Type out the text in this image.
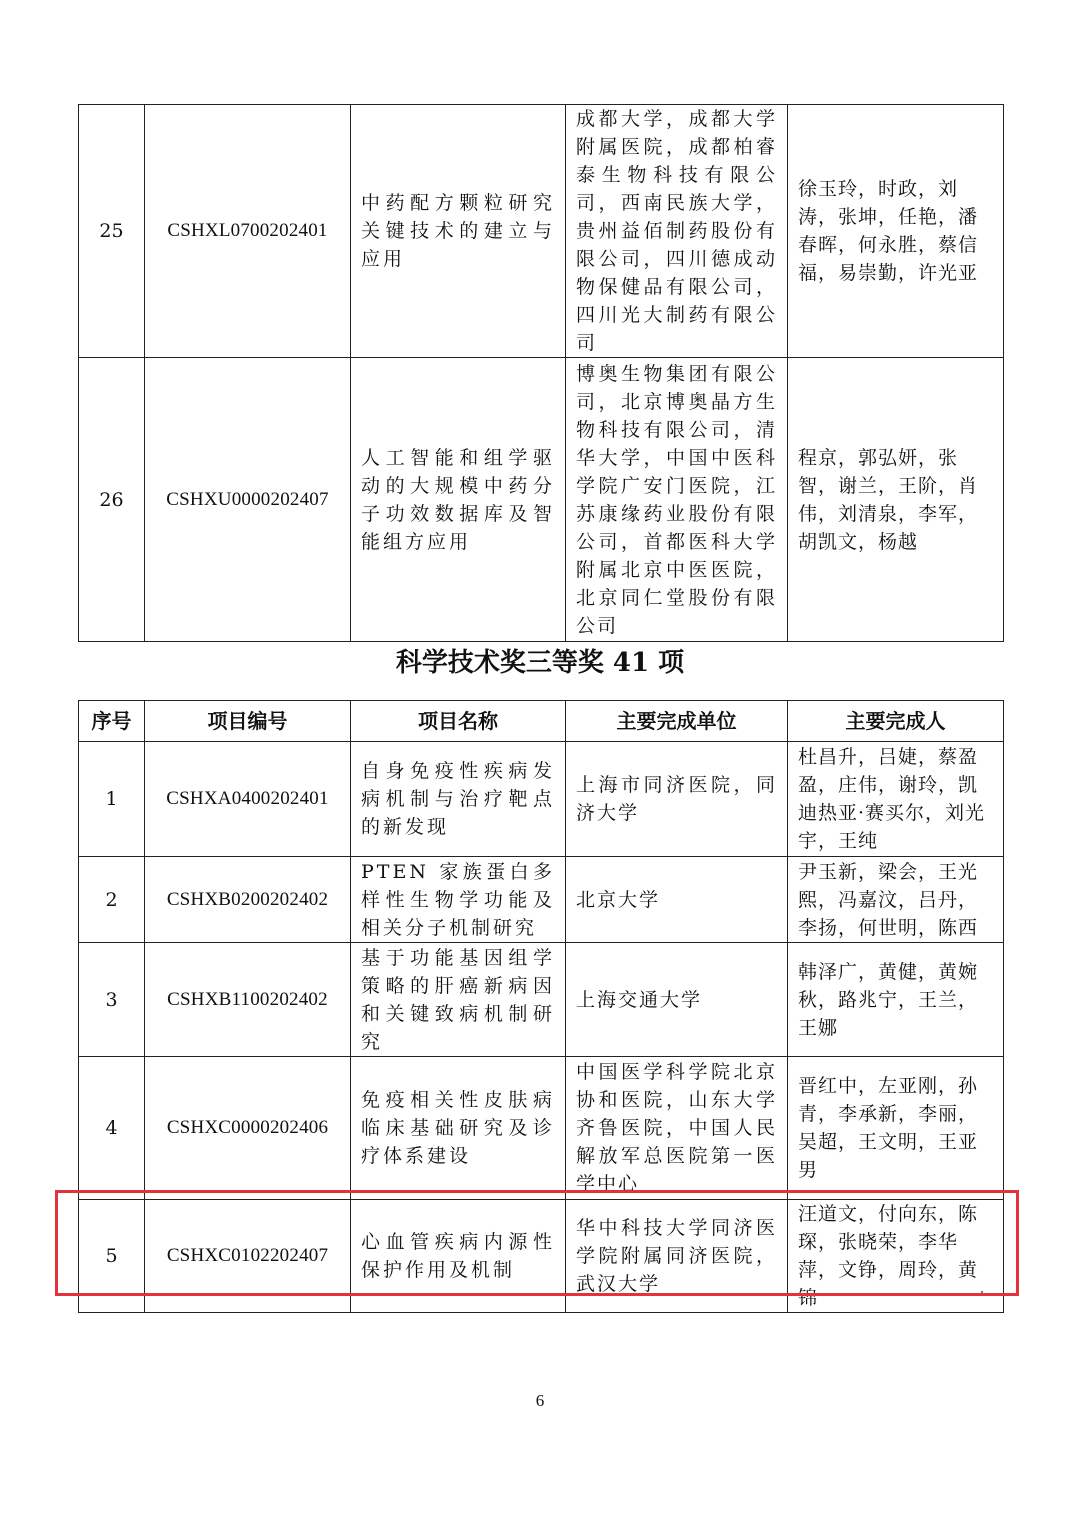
25	CSHXL0700202401	中药配方颗粒研究关键技术的建立与应用	成都大学，成都大学附属医院，成都柏睿泰生物科技有限公司，西南民族大学，贵州益佰制药股份有限公司，四川德成动物保健品有限公司，四川光大制药有限公司	徐玉玲，时政，刘涛，张坤，任艳，潘春晖，何永胜，蔡信福，易崇勤，许光亚
26	CSHXU0000202407	人工智能和组学驱动的大规模中药分子功效数据库及智能组方应用	博奥生物集团有限公司，北京博奥晶方生物科技有限公司，清华大学，中国中医科学院广安门医院，江苏康缘药业股份有限公司，首都医科大学附属北京中医医院，北京同仁堂股份有限公司	程京，郭弘妍，张智，谢兰，王阶，肖伟，刘清泉，李军，胡凯文，杨越
科学技术奖三等奖 41 项
序号	项目编号	项目名称	主要完成单位	主要完成人
1	CSHXA0400202401	自身免疫性疾病发病机制与治疗靶点的新发现	上海市同济医院，同济大学	杜昌升，吕婕，蔡盈盈，庄伟，谢玲，凯迪热亚·赛买尔，刘光宇，王纯
2	CSHXB0200202402	PTEN 家族蛋白多样性生物学功能及相关分子机制研究	北京大学	尹玉新，梁会，王光熙，冯嘉汶，吕丹，李扬，何世明，陈西
3	CSHXB1100202402	基于功能基因组学策略的肝癌新病因和关键致病机制研究	上海交通大学	韩泽广，黄健，黄婉秋，路兆宁，王兰，王娜
4	CSHXC0000202406	免疫相关性皮肤病临床基础研究及诊疗体系建设	中国医学科学院北京协和医院，山东大学齐鲁医院，中国人民解放军总医院第一医学中心	晋红中，左亚刚，孙青，李承新，李丽，吴超，王文明，王亚男
5	CSHXC0102202407	心血管疾病内源性保护作用及机制	华中科技大学同济医学院附属同济医院，武汉大学	汪道文，付向东，陈琛，张晓荣，李华萍，文铮，周玲，黄锦
6
